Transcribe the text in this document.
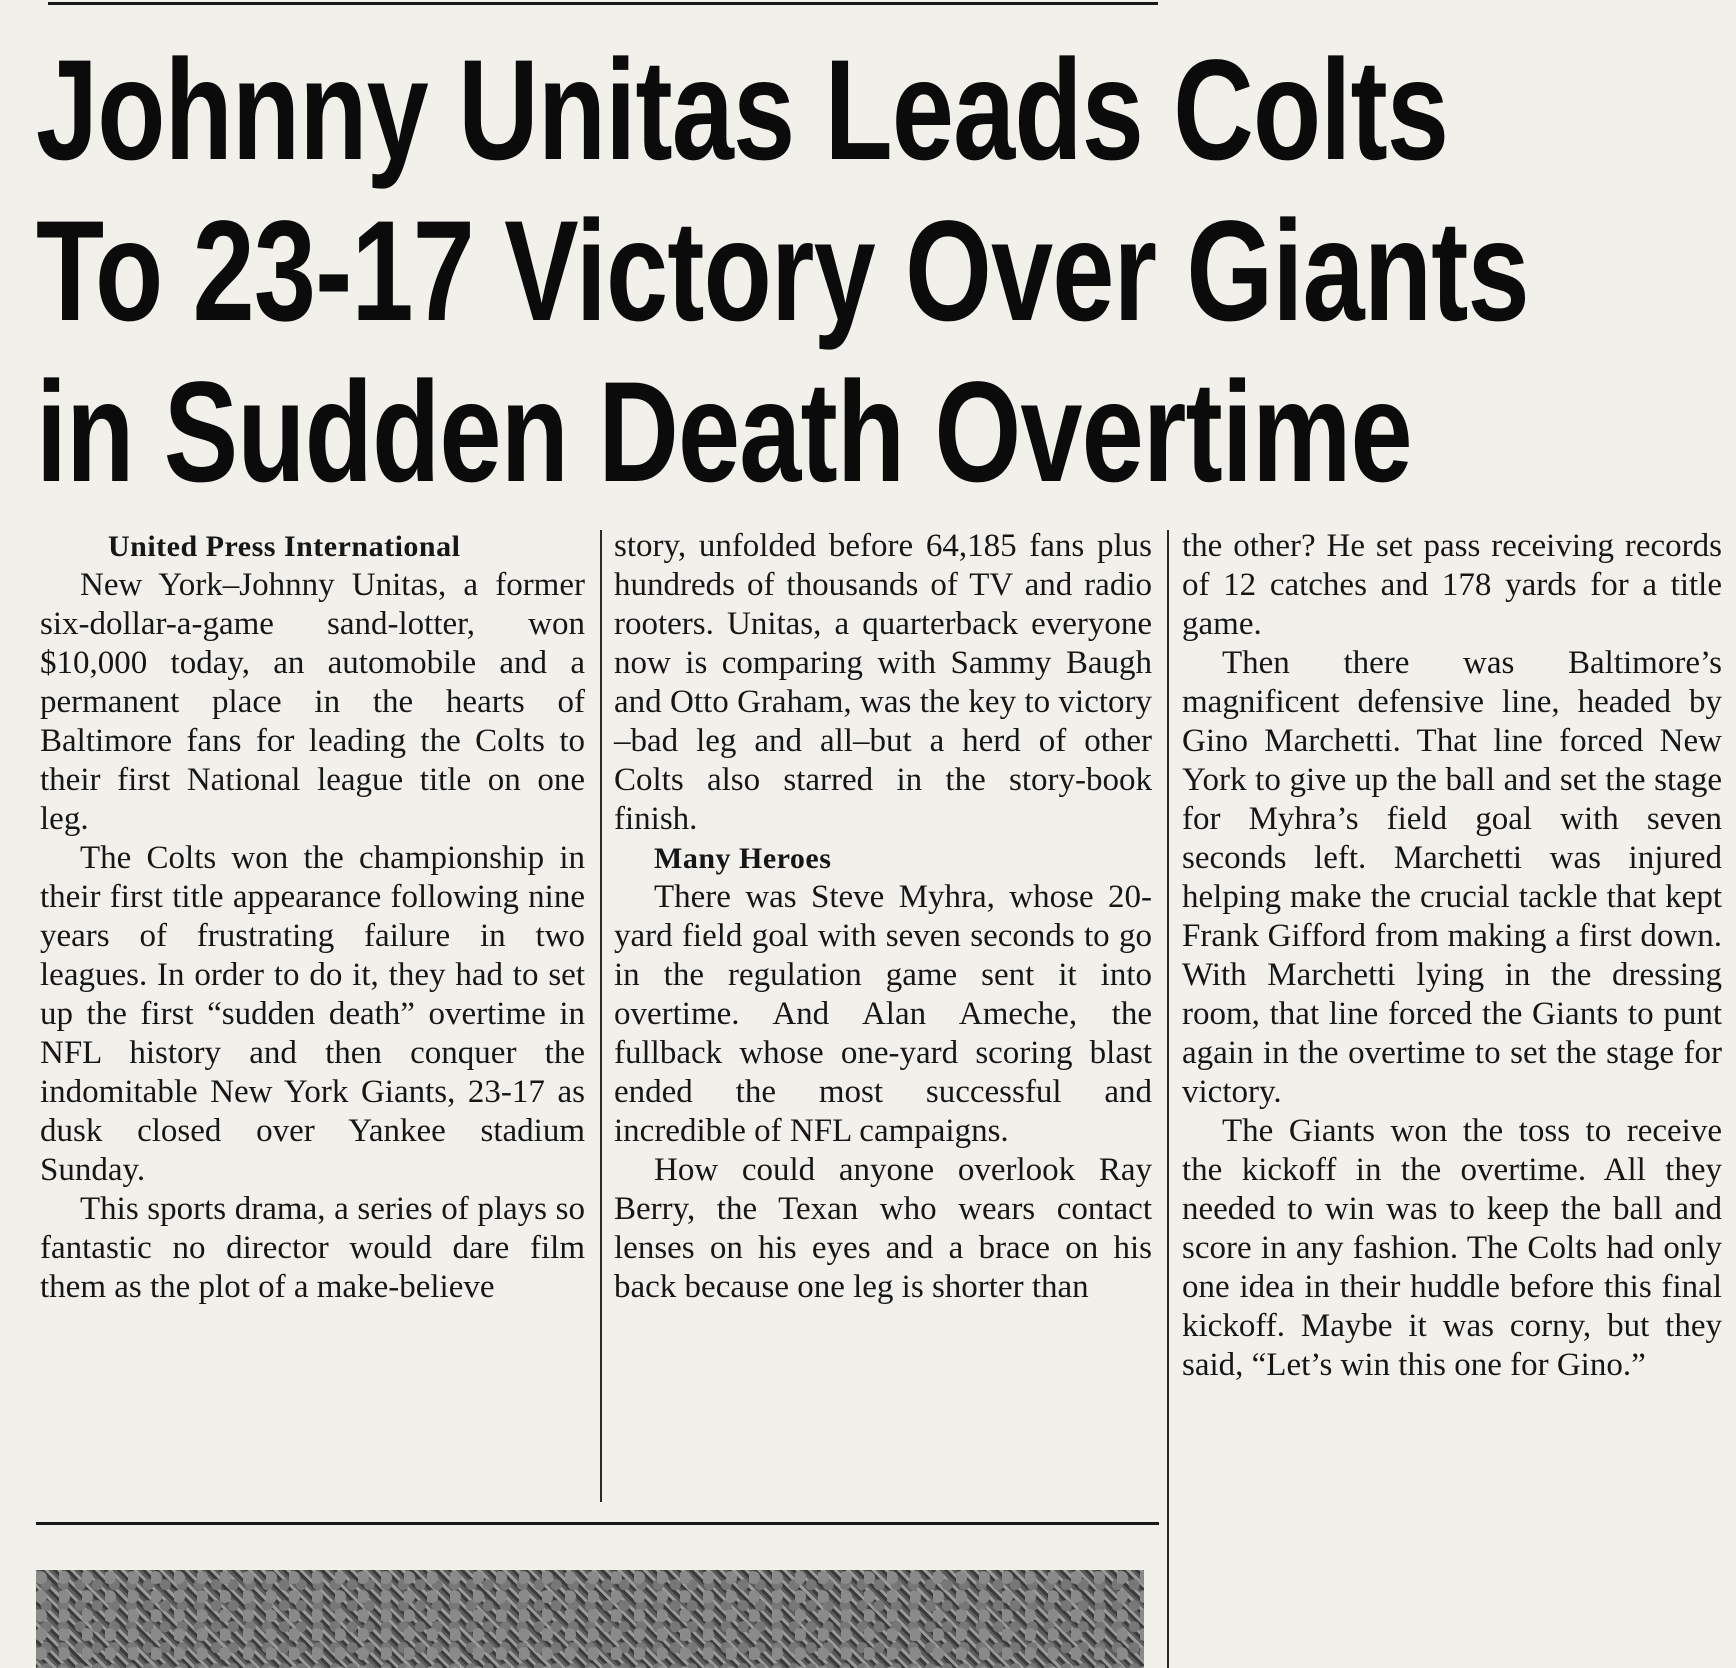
Johnny Unitas Leads Colts
To 23-17 Victory Over Giants
in Sudden Death Overtime

United Press International

New York–Johnny Unitas, a former six-dollar-a-game sand-lotter, won $10,000 today, an automobile and a permanent place in the hearts of Baltimore fans for leading the Colts to their first National league title on one leg.

The Colts won the championship in their first title appearance following nine years of frustrating failure in two leagues. In order to do it, they had to set up the first “sudden death” overtime in NFL history and then conquer the indomitable New York Giants, 23-17 as dusk closed over Yankee stadium Sunday.

This sports drama, a series of plays so fantastic no director would dare film them as the plot of a make-believe

story, unfolded before 64,185 fans plus hundreds of thousands of TV and radio rooters. Unitas, a quarterback everyone now is comparing with Sammy Baugh and Otto Graham, was the key to victory –bad leg and all–but a herd of other Colts also starred in the story-book finish.

Many Heroes

There was Steve Myhra, whose 20-yard field goal with seven seconds to go in the regulation game sent it into overtime. And Alan Ameche, the fullback whose one-yard scoring blast ended the most successful and incredible of NFL campaigns.

How could anyone overlook Ray Berry, the Texan who wears contact lenses on his eyes and a brace on his back because one leg is shorter than

the other? He set pass receiving records of 12 catches and 178 yards for a title game.

Then there was Baltimore’s magnificent defensive line, headed by Gino Marchetti. That line forced New York to give up the ball and set the stage for Myhra’s field goal with seven seconds left. Marchetti was injured helping make the crucial tackle that kept Frank Gifford from making a first down. With Marchetti lying in the dressing room, that line forced the Giants to punt again in the overtime to set the stage for victory.

The Giants won the toss to receive the kickoff in the overtime. All they needed to win was to keep the ball and score in any fashion. The Colts had only one idea in their huddle before this final kickoff. Maybe it was corny, but they said, “Let’s win this one for Gino.”
